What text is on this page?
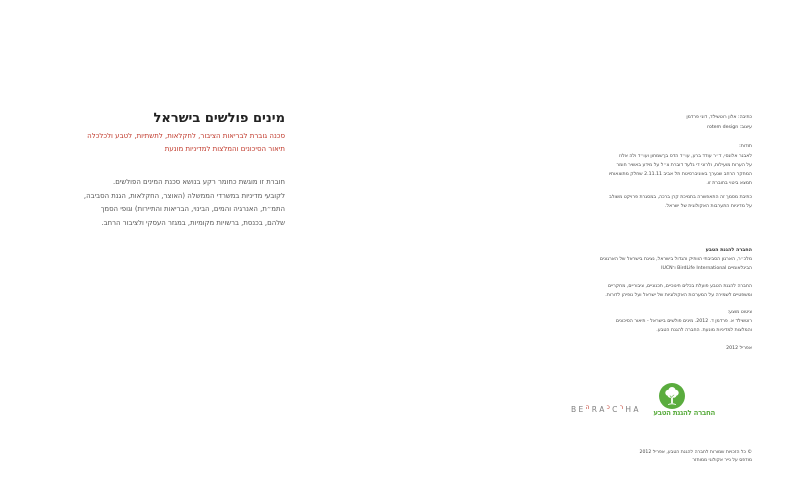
מינים פולשים בישראל
סכנה גוברת לבריאות הציבור, לחקלאות, לתשתיות, לטבע ולכלכלה
תיאור הסיכונים והמלצות למדיניות מונעת
חוברת זו מוגשת כחומר רקע בנושא סכנת המינים הפולשים.
לקובעי מדיניות במשרדי הממשלה (האוצר, החקלאות, הגנת הסביבה,
התמ״ת, האנרגיה והמים, הבינוי, הבריאות והתיירות) וגופי הסמך
שלהם, בכנסת, ברשויות מקומיות, במגזר העסקי ולציבור הרחב.
כתיבה: אלון רוטשילד, דוני פרדמן
עיצוב: rotem design
תודות:
לאבנר אלונסי, ד״ר עודד ברע, עו״ד הדס בן־שמחון ועו״ד ולה אלוז
על הערות מועילות, ולרוני די גלעד דוברת צ״ל על מידע באשיר חומר
המחקר הרחב שנערך באוניברסיטת תל אביב 2.11.11 שחלק מתוצאותיו
תמצא ביטוי בחוברת זו.
כתיבת מסמך זה התאפשרה בתמיכת קרן ברכה, במסגרת פרויקט משולב
על מדיניות התערבות האקולוגית של ישראל.
החברה להגנת הטבע
מלכ״ר, הארגון הסביבתי הוותיק והגדול בישראל, נציגת בישראל של הארגונים
הבינלאומיים BirdLife International ו־IUCN
החברה להגנת הטבע פועלת בכלים חינוכיים, תכנוניים, ציבוריים, מחקריים
ומשפטיים לשמירה על המערכות האקולוגיות של ישראל ועל נופיהן לדורות.
ציטוט מוצע:
רוטשילד א. פרדמן ד. 2012. מינים פולשים בישראל - תיאור הסיכונים
והמלצות למדיניות מונעת. החברה להגנת הטבע.
אפריל 2012
B E ה R A כ C ר H A החברה להגנת הטבע
© כל הזכויות שמורות לחברה להגנת הטבע, אפריל 2012
מודפס על נייר אקולוגי ממוחזר
